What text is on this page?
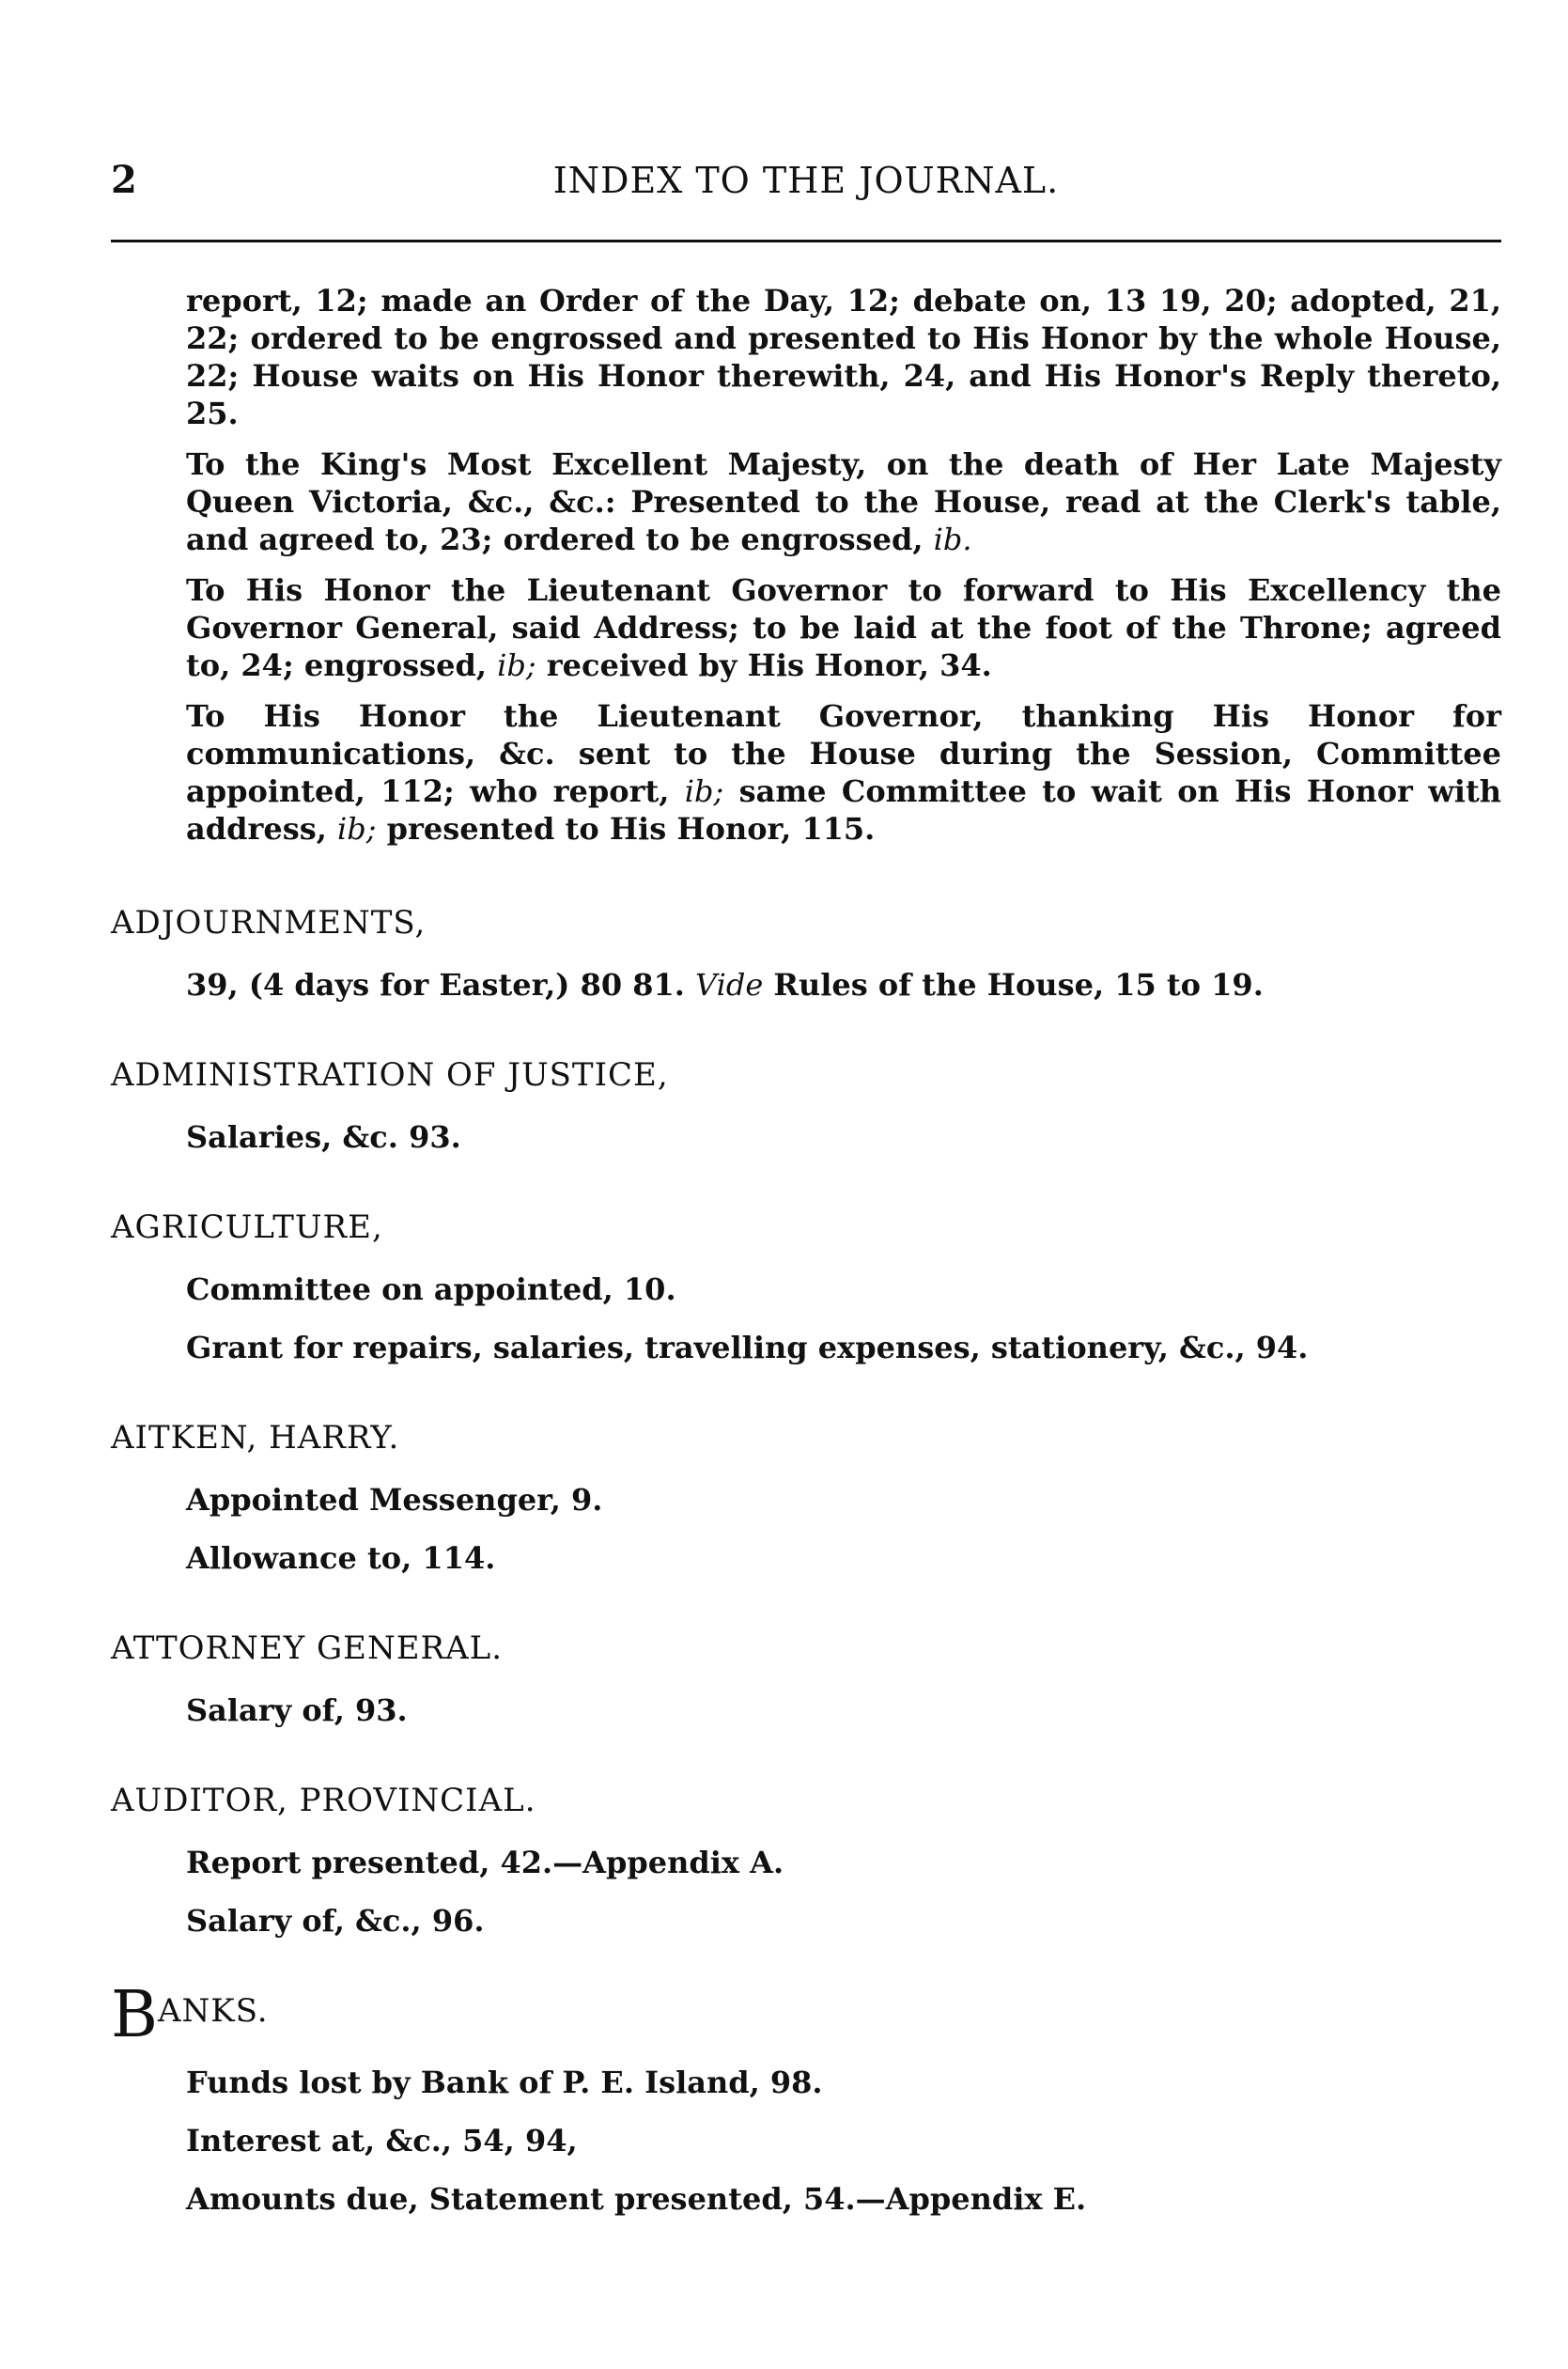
2	INDEX TO THE JOURNAL.

report, 12; made an Order of the Day, 12; debate on, 13 19, 20; adopted, 21, 22; ordered to be engrossed and presented to His Honor by the whole House, 22; House waits on His Honor therewith, 24, and His Honor's Reply thereto, 25.

To the King's Most Excellent Majesty, on the death of Her Late Majesty Queen Victoria, &c., &c.: Presented to the House, read at the Clerk's table, and agreed to, 23; ordered to be engrossed, ib.

To His Honor the Lieutenant Governor to forward to His Excellency the Governor General, said Address; to be laid at the foot of the Throne; agreed to, 24; engrossed, ib; received by His Honor, 34.

To His Honor the Lieutenant Governor, thanking His Honor for communications, &c. sent to the House during the Session, Committee appointed, 112; who report, ib; same Committee to wait on His Honor with address, ib; presented to His Honor, 115.

ADJOURNMENTS,
39, (4 days for Easter,) 80 81. Vide Rules of the House, 15 to 19.
ADMINISTRATION OF JUSTICE,
Salaries, &c. 93.
AGRICULTURE,
Committee on appointed, 10.
Grant for repairs, salaries, travelling expenses, stationery, &c., 94.
AITKEN, HARRY.
Appointed Messenger, 9.
Allowance to, 114.
ATTORNEY GENERAL.
Salary of, 93.
AUDITOR, PROVINCIAL.
Report presented, 42.—Appendix A.
Salary of, &c., 96.
BANKS.
Funds lost by Bank of P. E. Island, 98.
Interest at, &c., 54, 94,
Amounts due, Statement presented, 54.—Appendix E.
